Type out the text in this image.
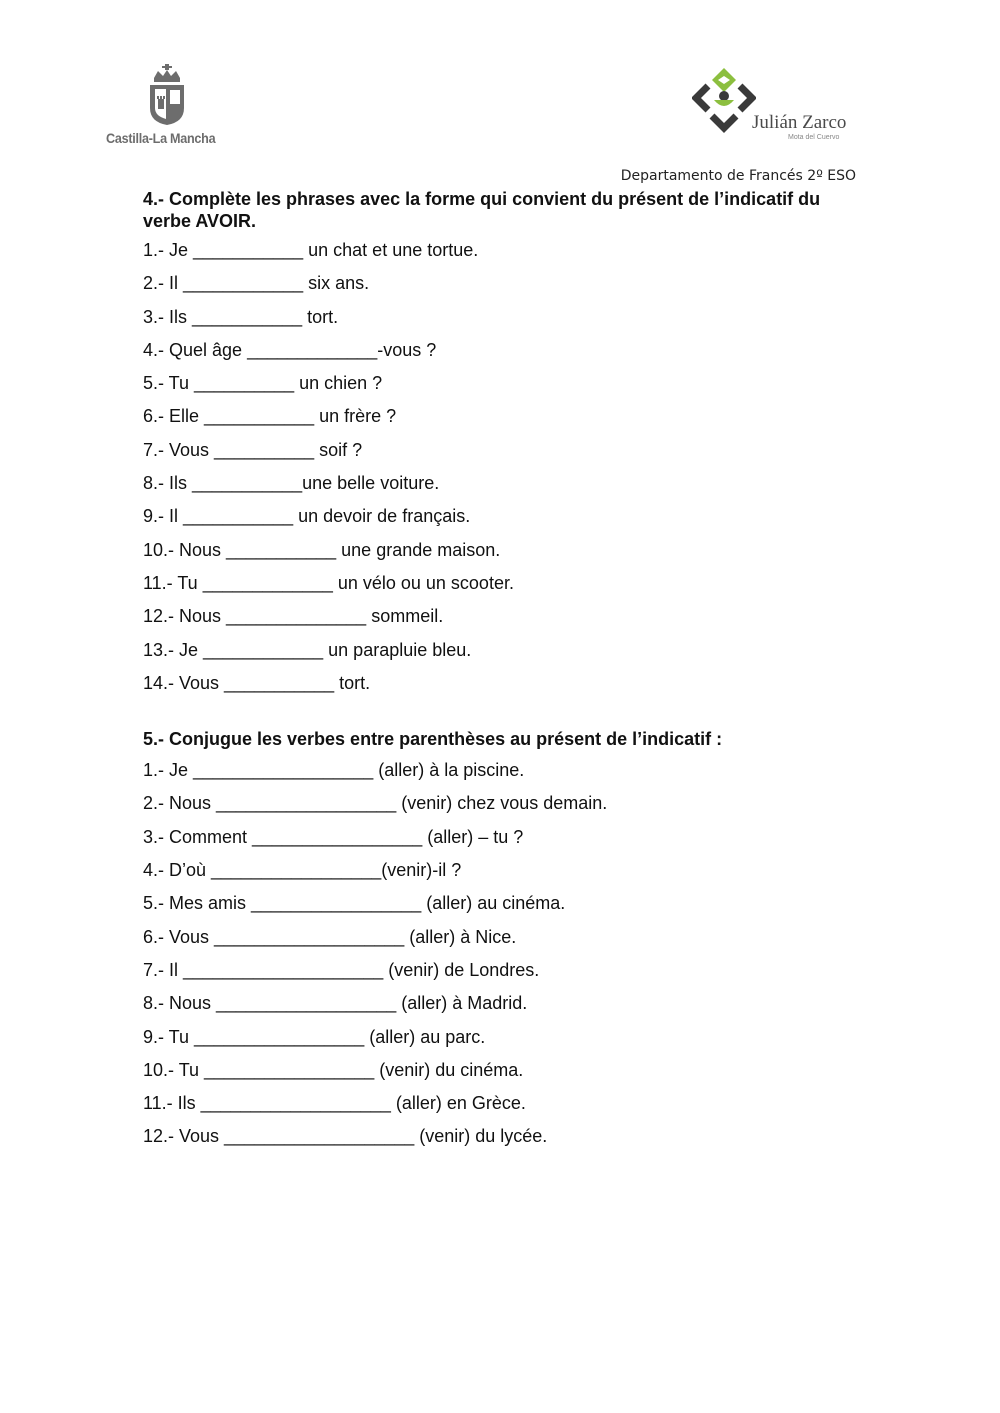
Castilla-La Mancha
Julián Zarco
Mota del Cuervo
Departamento de Francés 2º ESO

4.- Complète les phrases avec la forme qui convient du présent de l’indicatif du verbe AVOIR.

1.- Je ___________ un chat et une tortue.
2.- Il ____________ six ans.
3.- Ils ___________ tort.
4.- Quel âge _____________-vous ?
5.- Tu __________ un chien ?
6.- Elle ___________ un frère ?
7.- Vous __________ soif ?
8.- Ils ___________une belle voiture.
9.- Il ___________ un devoir de français.
10.- Nous ___________ une grande maison.
11.- Tu _____________ un vélo ou un scooter.
12.- Nous ______________ sommeil.
13.- Je ____________ un parapluie bleu.
14.- Vous ___________ tort.

5.- Conjugue les verbes entre parenthèses au présent de l’indicatif :

1.- Je __________________ (aller) à la piscine.
2.- Nous __________________ (venir) chez vous demain.
3.- Comment _________________ (aller) – tu ?
4.- D’où _________________(venir)-il ?
5.- Mes amis _________________ (aller) au cinéma.
6.- Vous ___________________ (aller) à Nice.
7.- Il ____________________ (venir) de Londres.
8.- Nous __________________ (aller) à Madrid.
9.- Tu _________________ (aller) au parc.
10.- Tu _________________ (venir) du cinéma.
11.- Ils ___________________ (aller) en Grèce.
12.- Vous ___________________ (venir) du lycée.
